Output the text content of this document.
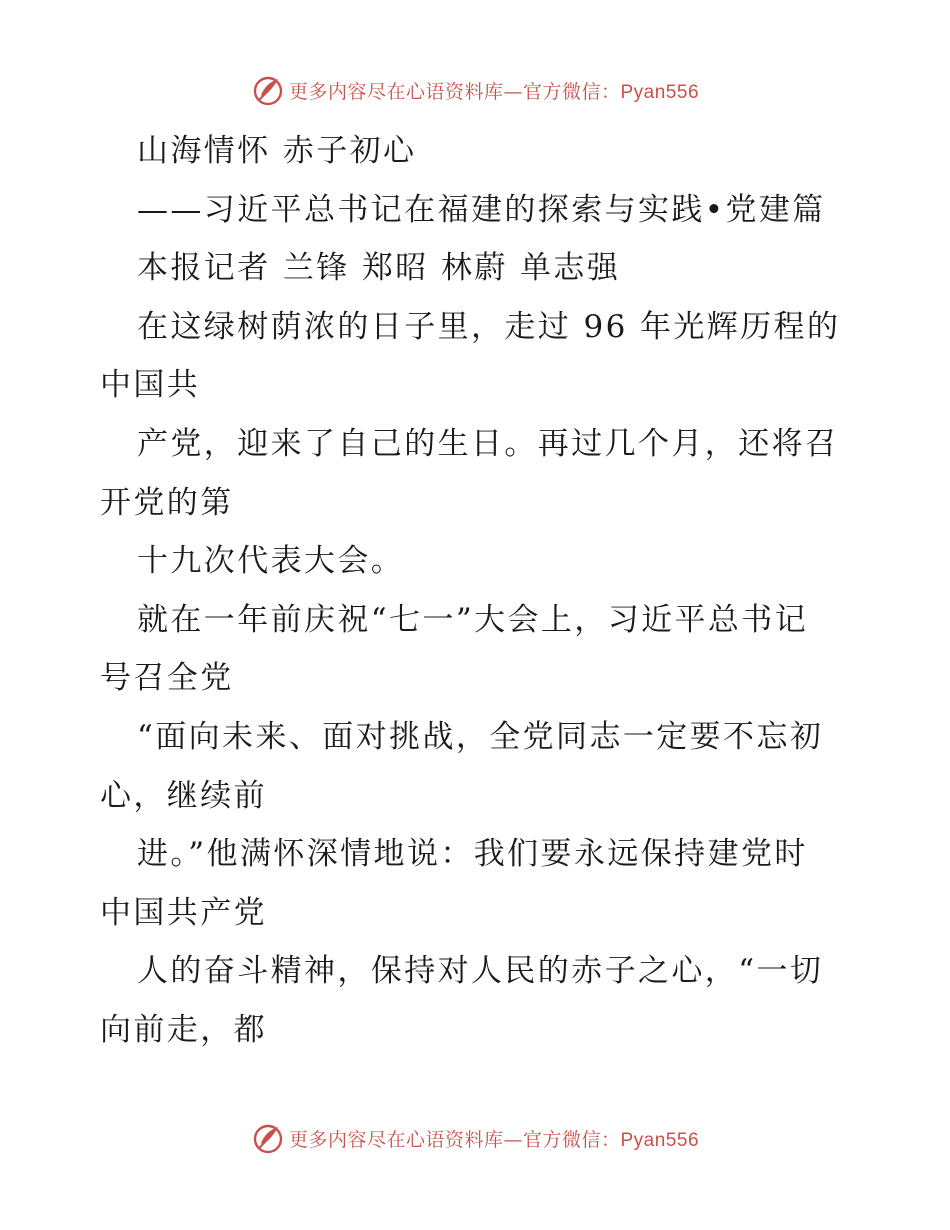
更多内容尽在心语资料库—官方微信：Pyan556
山海情怀 赤子初心
——习近平总书记在福建的探索与实践•党建篇
本报记者 兰锋 郑昭 林蔚 单志强
在这绿树荫浓的日子里，走过 96 年光辉历程的
中国共
产党，迎来了自己的生日。再过几个月，还将召
开党的第
十九次代表大会。
就在一年前庆祝“七一”大会上，习近平总书记
号召全党
“面向未来、面对挑战，全党同志一定要不忘初
心，继续前
进。”他满怀深情地说：我们要永远保持建党时
中国共产党
人的奋斗精神，保持对人民的赤子之心，“一切
向前走，都
更多内容尽在心语资料库—官方微信：Pyan556
